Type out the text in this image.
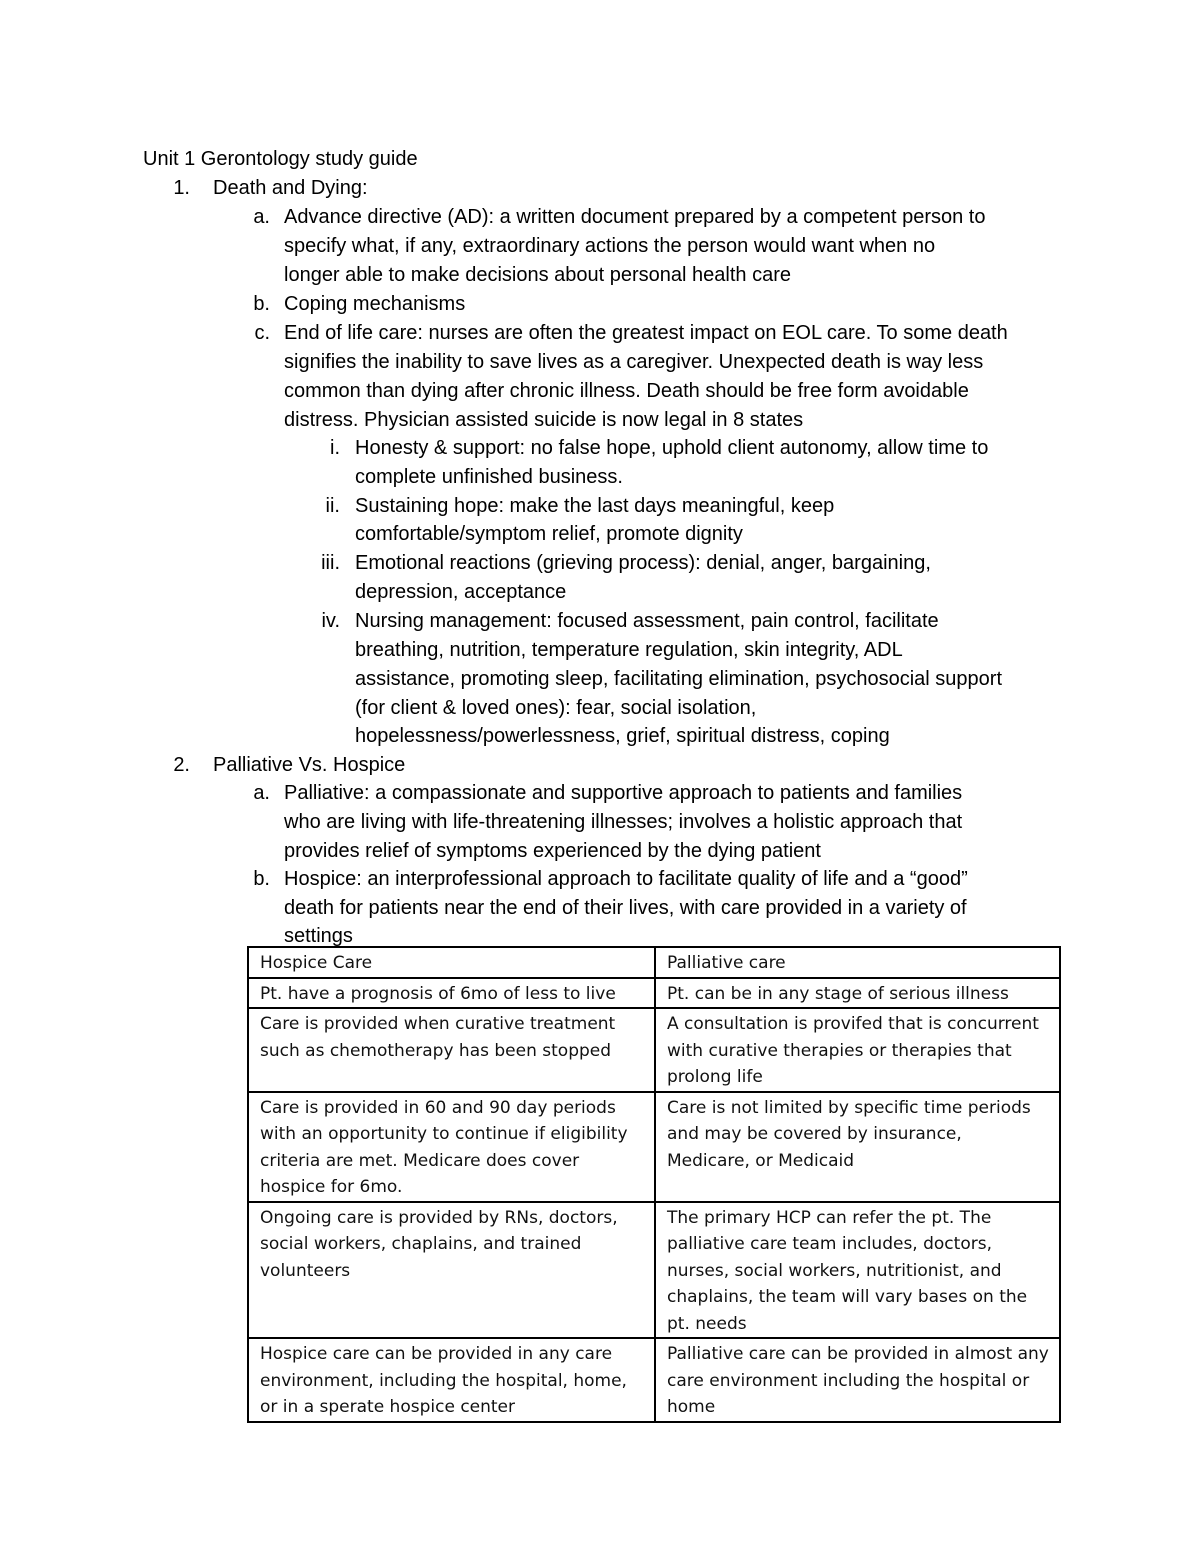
Unit 1 Gerontology study guide
1. Death and Dying:
a. Advance directive (AD): a written document prepared by a competent person to
specify what, if any, extraordinary actions the person would want when no
longer able to make decisions about personal health care
b. Coping mechanisms
c. End of life care: nurses are often the greatest impact on EOL care. To some death
signifies the inability to save lives as a caregiver. Unexpected death is way less
common than dying after chronic illness. Death should be free form avoidable
distress. Physician assisted suicide is now legal in 8 states
i. Honesty & support: no false hope, uphold client autonomy, allow time to
complete unfinished business.
ii. Sustaining hope: make the last days meaningful, keep
comfortable/symptom relief, promote dignity
iii. Emotional reactions (grieving process): denial, anger, bargaining,
depression, acceptance
iv. Nursing management: focused assessment, pain control, facilitate
breathing, nutrition, temperature regulation, skin integrity, ADL
assistance, promoting sleep, facilitating elimination, psychosocial support
(for client & loved ones): fear, social isolation,
hopelessness/powerlessness, grief, spiritual distress, coping
2. Palliative Vs. Hospice
a. Palliative: a compassionate and supportive approach to patients and families
who are living with life-threatening illnesses; involves a holistic approach that
provides relief of symptoms experienced by the dying patient
b. Hospice: an interprofessional approach to facilitate quality of life and a “good”
death for patients near the end of their lives, with care provided in a variety of
settings
Hospice Care	Palliative care
Pt. have a prognosis of 6mo of less to live	Pt. can be in any stage of serious illness
Care is provided when curative treatment such as chemotherapy has been stopped	A consultation is provifed that is concurrent with curative therapies or therapies that prolong life
Care is provided in 60 and 90 day periods with an opportunity to continue if eligibility criteria are met. Medicare does cover hospice for 6mo.	Care is not limited by specific time periods and may be covered by insurance, Medicare, or Medicaid
Ongoing care is provided by RNs, doctors, social workers, chaplains, and trained volunteers	The primary HCP can refer the pt. The palliative care team includes, doctors, nurses, social workers, nutritionist, and chaplains, the team will vary bases on the pt. needs
Hospice care can be provided in any care environment, including the hospital, home, or in a sperate hospice center	Palliative care can be provided in almost any care environment including the hospital or home
